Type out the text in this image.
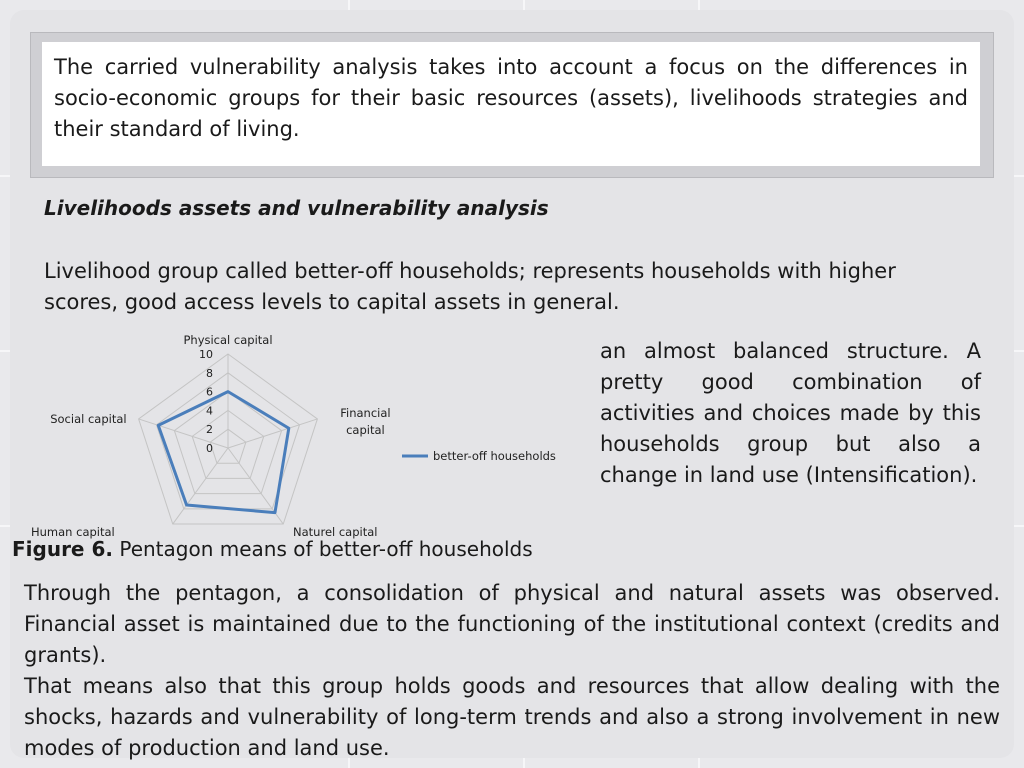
The carried vulnerability analysis takes into account a focus on the differences in socio-economic groups for their basic resources (assets), livelihoods strategies and their standard of living.
Livelihoods assets and vulnerability analysis
Livelihood group called better-off households; represents households with higher scores, good access levels to capital assets in general.
0
2
4
6
8
10
Physical capital
Financial capital
Naturel capital
Human capital
Social capital
better-off households
an almost balanced structure. A pretty good combination of activities and choices made by this households group but also a change in land use (Intensification).
Figure 6. Pentagon means of better-off households

Through the pentagon, a consolidation of physical and natural assets was observed. Financial asset is maintained due to the functioning of the institutional context (credits and grants).

That means also that this group holds goods and resources that allow dealing with the shocks, hazards and vulnerability of long-term trends and also a strong involvement in new modes of production and land use.
